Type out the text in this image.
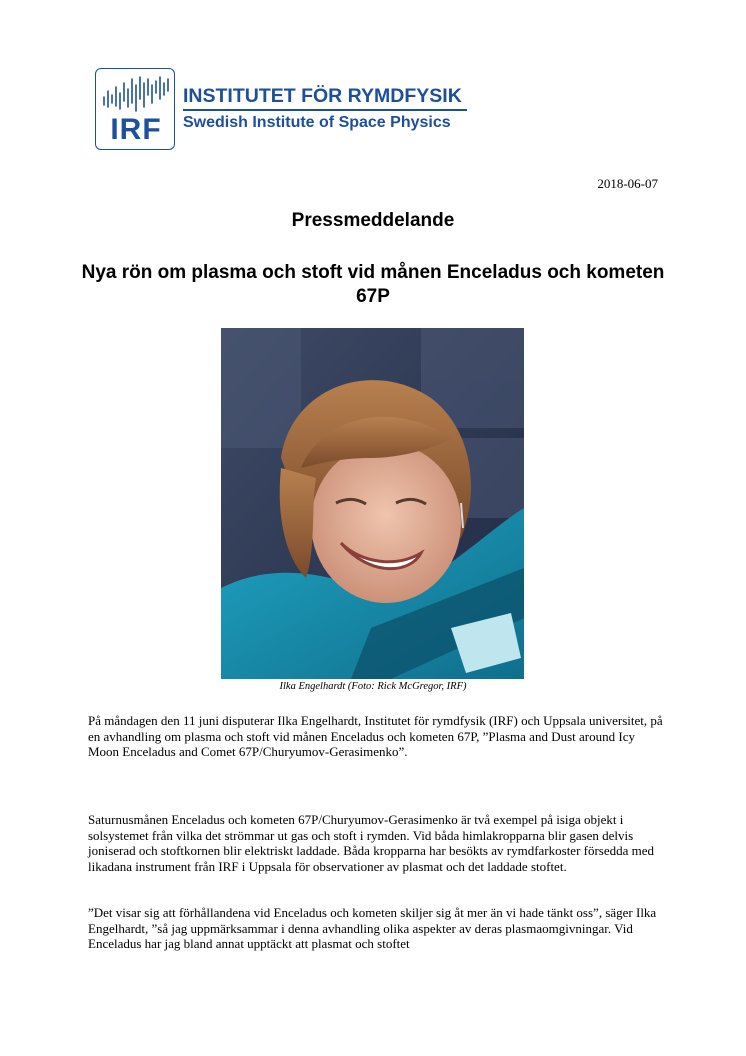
IRF
INSTITUTET FÖR RYMDFYSIK
Swedish Institute of Space Physics
2018-06-07
Pressmeddelande
Nya rön om plasma och stoft vid månen Enceladus och kometen 67P
Ilka Engelhardt (Foto: Rick McGregor, IRF)

På måndagen den 11 juni disputerar Ilka Engelhardt, Institutet för rymdfysik (IRF) och Uppsala universitet, på en avhandling om plasma och stoft vid månen Enceladus och kometen 67P, ”Plasma and Dust around Icy Moon Enceladus and Comet 67P/Churyumov-Gerasimenko”.

Saturnusmånen Enceladus och kometen 67P/Churyumov-Gerasimenko är två exempel på isiga objekt i solsystemet från vilka det strömmar ut gas och stoft i rymden. Vid båda himlakropparna blir gasen delvis joniserad och stoftkornen blir elektriskt laddade. Båda kropparna har besökts av rymdfarkoster försedda med likadana instrument från IRF i Uppsala för observationer av plasmat och det laddade stoftet.

”Det visar sig att förhållandena vid Enceladus och kometen skiljer sig åt mer än vi hade tänkt oss”, säger Ilka Engelhardt, ”så jag uppmärksammar i denna avhandling olika aspekter av deras plasmaomgivningar. Vid Enceladus har jag bland annat upptäckt att plasmat och stoftet
